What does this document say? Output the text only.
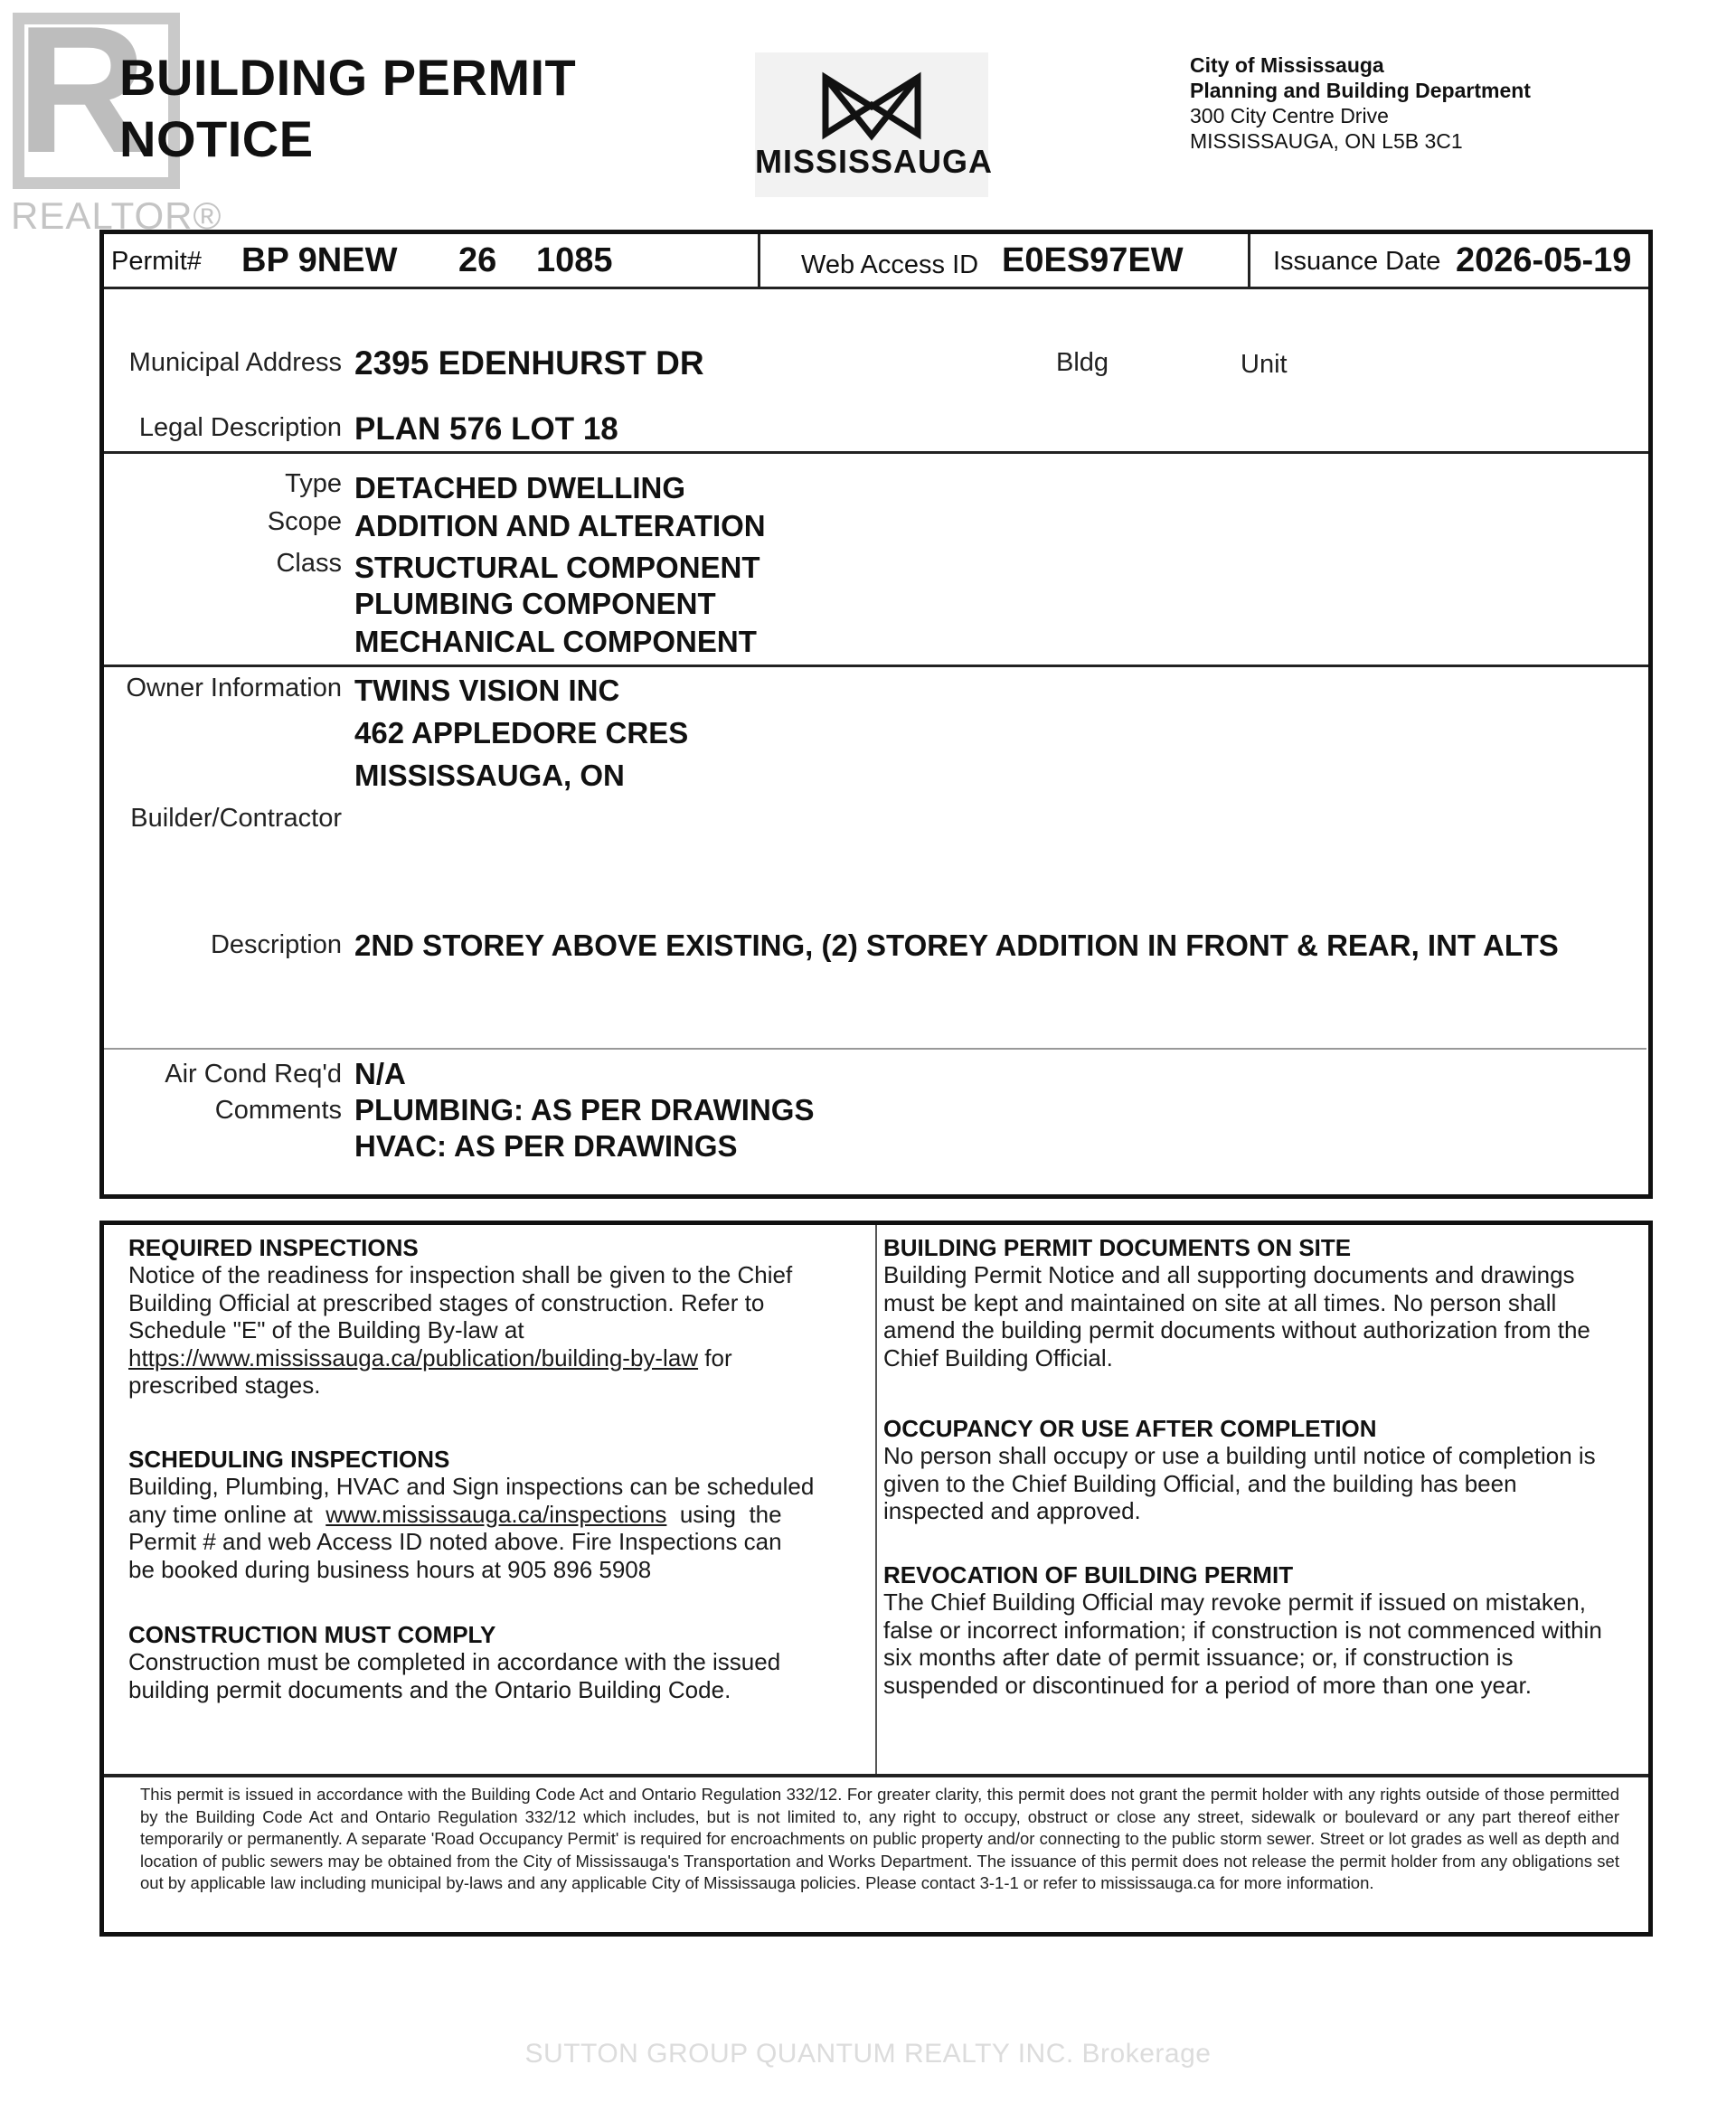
R
REALTOR®
BUILDING PERMIT
NOTICE	MISSISSAUGA
City of Mississauga
Planning and Building Department
300 City Centre Drive
MISSISSAUGA, ON L5B 3C1
Permit# BP 9NEW 26 1085	Web Access ID E0ES97EW	Issuance Date 2026-05-19
Municipal Address 2395 EDENHURST DR	Bldg	Unit
Legal Description PLAN 576 LOT 18
Type DETACHED DWELLING
Scope ADDITION AND ALTERATION
Class STRUCTURAL COMPONENT
PLUMBING COMPONENT
MECHANICAL COMPONENT
Owner Information TWINS VISION INC
462 APPLEDORE CRES
MISSISSAUGA, ON
Builder/Contractor
Description 2ND STOREY ABOVE EXISTING, (2) STOREY ADDITION IN FRONT & REAR, INT ALTS
Air Cond Req'd N/A
Comments PLUMBING: AS PER DRAWINGS
HVAC: AS PER DRAWINGS
REQUIRED INSPECTIONS
Notice of the readiness for inspection shall be given to the Chief
Building Official at prescribed stages of construction. Refer to
Schedule "E" of the Building By-law at
https://www.mississauga.ca/publication/building-by-law for
prescribed stages.
SCHEDULING INSPECTIONS
Building, Plumbing, HVAC and Sign inspections can be scheduled
any time online at  www.mississauga.ca/inspections  using  the
Permit # and web Access ID noted above. Fire Inspections can
be booked during business hours at 905 896 5908
CONSTRUCTION MUST COMPLY
Construction must be completed in accordance with the issued
building permit documents and the Ontario Building Code.
BUILDING PERMIT DOCUMENTS ON SITE
Building Permit Notice and all supporting documents and drawings
must be kept and maintained on site at all times. No person shall
amend the building permit documents without authorization from the
Chief Building Official.
OCCUPANCY OR USE AFTER COMPLETION
No person shall occupy or use a building until notice of completion is
given to the Chief Building Official, and the building has been
inspected and approved.
REVOCATION OF BUILDING PERMIT
The Chief Building Official may revoke permit if issued on mistaken,
false or incorrect information; if construction is not commenced within
six months after date of permit issuance; or, if construction is
suspended or discontinued for a period of more than one year.
This permit is issued in accordance with the Building Code Act and Ontario Regulation 332/12. For greater clarity, this permit does not grant the permit holder with any rights outside of those permitted by the Building Code Act and Ontario Regulation 332/12 which includes, but is not limited to, any right to occupy, obstruct or close any street, sidewalk or boulevard or any part thereof either temporarily or permanently. A separate 'Road Occupancy Permit' is required for encroachments on public property and/or connecting to the public storm sewer. Street or lot grades as well as depth and location of public sewers may be obtained from the City of Mississauga's Transportation and Works Department. The issuance of this permit does not release the permit holder from any obligations set out by applicable law including municipal by-laws and any applicable City of Mississauga policies. Please contact 3-1-1 or refer to mississauga.ca for more information.
SUTTON GROUP QUANTUM REALTY INC. Brokerage
